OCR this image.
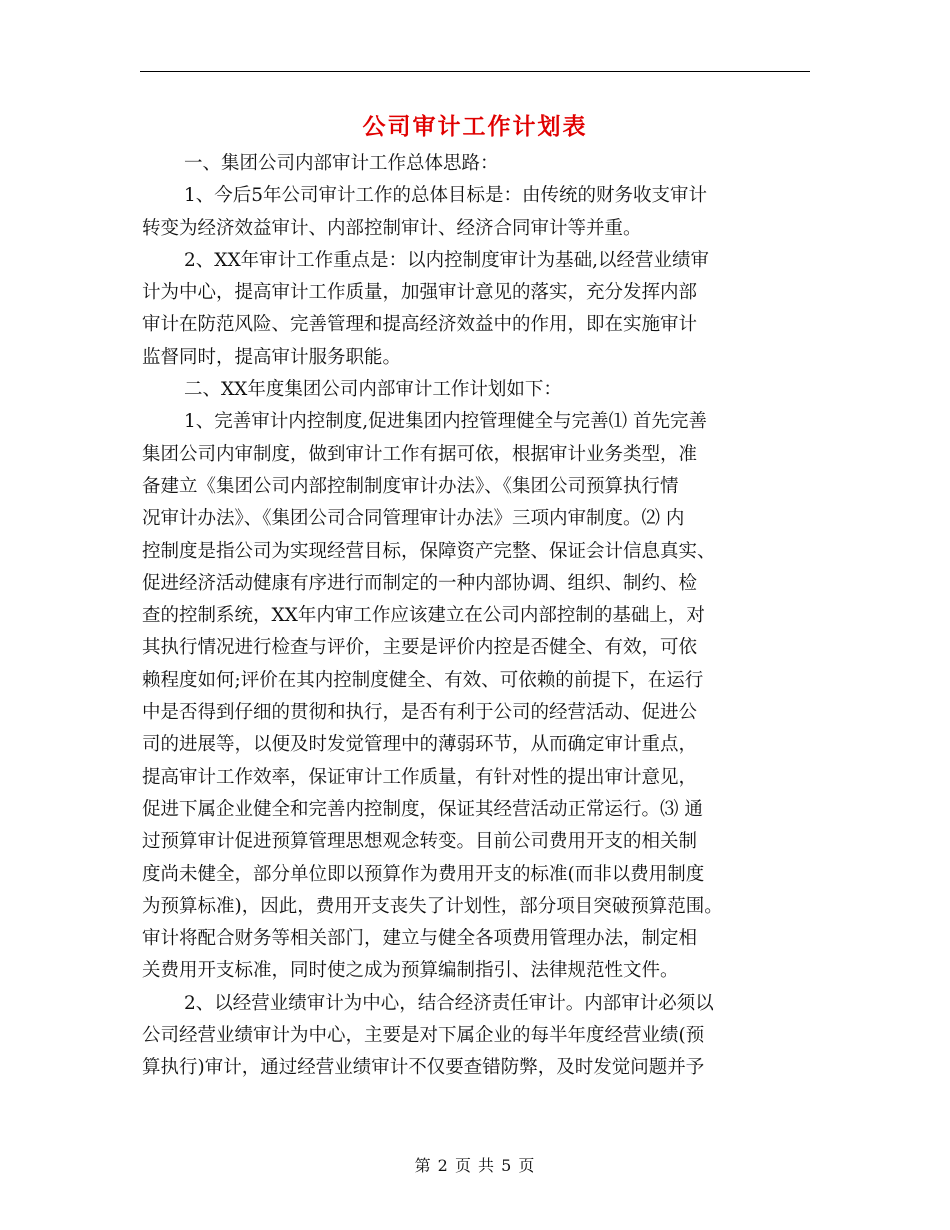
公司审计工作计划表
一、集团公司内部审计工作总体思路：
1、今后5年公司审计工作的总体目标是：由传统的财务收支审计
转变为经济效益审计、内部控制审计、经济合同审计等并重。
2、XX年审计工作重点是：以内控制度审计为基础,以经营业绩审
计为中心，提高审计工作质量，加强审计意见的落实，充分发挥内部
审计在防范风险、完善管理和提高经济效益中的作用，即在实施审计
监督同时，提高审计服务职能。
二、XX年度集团公司内部审计工作计划如下：
1、完善审计内控制度,促进集团内控管理健全与完善⑴ 首先完善
集团公司内审制度，做到审计工作有据可依，根据审计业务类型，准
备建立《集团公司内部控制制度审计办法》、《集团公司预算执行情
况审计办法》、《集团公司合同管理审计办法》三项内审制度。⑵ 内
控制度是指公司为实现经营目标，保障资产完整、保证会计信息真实、
促进经济活动健康有序进行而制定的一种内部协调、组织、制约、检
查的控制系统，XX年内审工作应该建立在公司内部控制的基础上，对
其执行情况进行检查与评价，主要是评价内控是否健全、有效，可依
赖程度如何;评价在其内控制度健全、有效、可依赖的前提下，在运行
中是否得到仔细的贯彻和执行，是否有利于公司的经营活动、促进公
司的进展等，以便及时发觉管理中的薄弱环节，从而确定审计重点，
提高审计工作效率，保证审计工作质量，有针对性的提出审计意见，
促进下属企业健全和完善内控制度，保证其经营活动正常运行。⑶ 通
过预算审计促进预算管理思想观念转变。目前公司费用开支的相关制
度尚未健全，部分单位即以预算作为费用开支的标准(而非以费用制度
为预算标准)，因此，费用开支丧失了计划性，部分项目突破预算范围。
审计将配合财务等相关部门，建立与健全各项费用管理办法，制定相
关费用开支标准，同时使之成为预算编制指引、法律规范性文件。
2、以经营业绩审计为中心，结合经济责任审计。内部审计必须以
公司经营业绩审计为中心，主要是对下属企业的每半年度经营业绩(预
算执行)审计，通过经营业绩审计不仅要查错防弊，及时发觉问题并予
第 2 页 共 5 页
